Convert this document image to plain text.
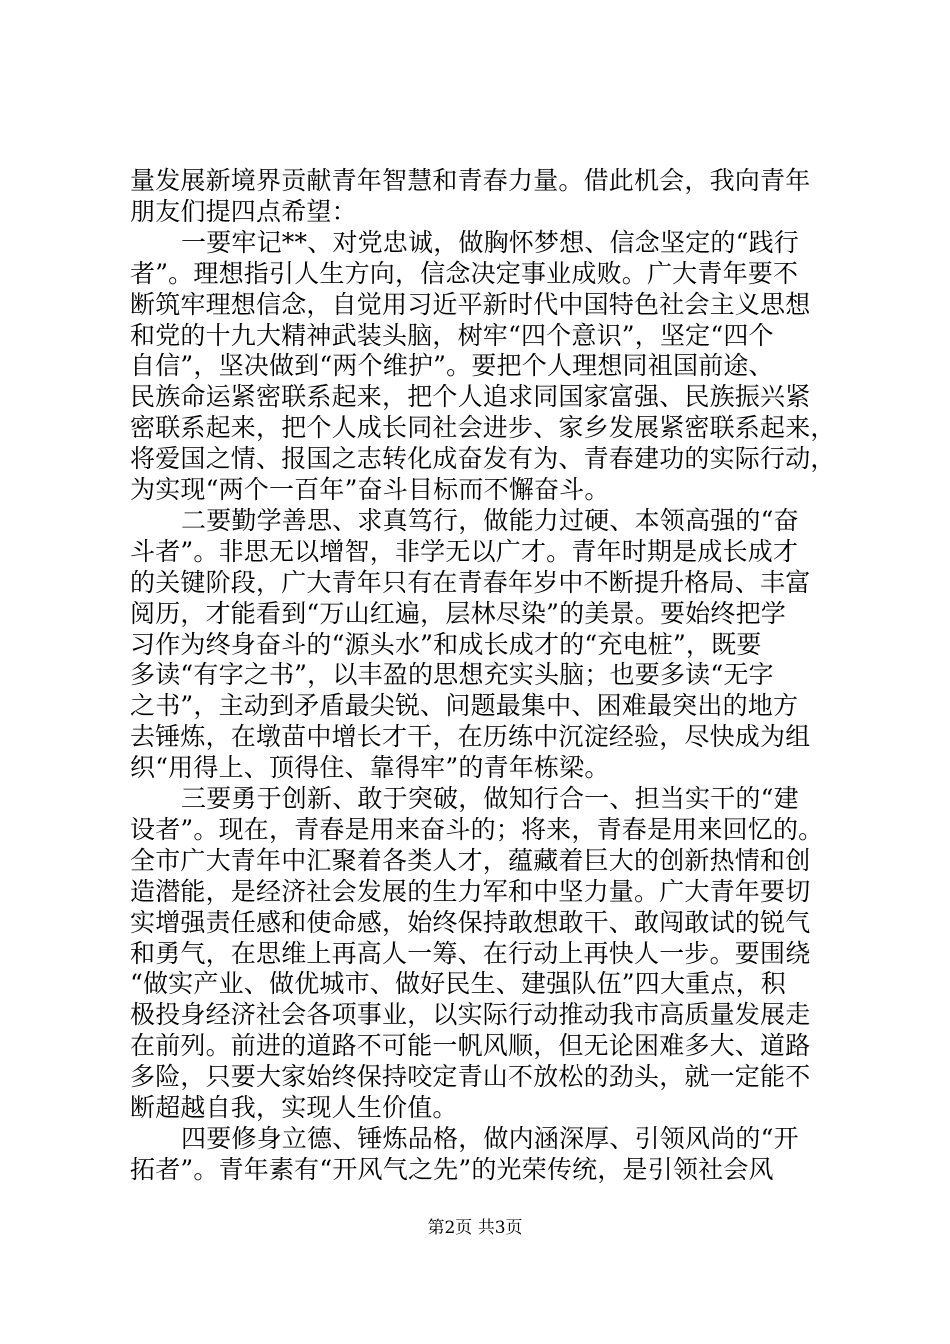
量发展新境界贡献青年智慧和青春力量。借此机会，我向青年
朋友们提四点希望：
一要牢记**、对党忠诚，做胸怀梦想、信念坚定的“践行
者”。理想指引人生方向，信念决定事业成败。广大青年要不
断筑牢理想信念，自觉用习近平新时代中国特色社会主义思想
和党的十九大精神武装头脑，树牢“四个意识”，坚定“四个
自信”，坚决做到“两个维护”。要把个人理想同祖国前途、
民族命运紧密联系起来，把个人追求同国家富强、民族振兴紧
密联系起来，把个人成长同社会进步、家乡发展紧密联系起来，
将爱国之情、报国之志转化成奋发有为、青春建功的实际行动，
为实现“两个一百年”奋斗目标而不懈奋斗。
二要勤学善思、求真笃行，做能力过硬、本领高强的“奋
斗者”。非思无以增智，非学无以广才。青年时期是成长成才
的关键阶段，广大青年只有在青春年岁中不断提升格局、丰富
阅历，才能看到“万山红遍，层林尽染”的美景。要始终把学
习作为终身奋斗的“源头水”和成长成才的“充电桩”，既要
多读“有字之书”，以丰盈的思想充实头脑；也要多读“无字
之书”，主动到矛盾最尖锐、问题最集中、困难最突出的地方
去锤炼，在墩苗中增长才干，在历练中沉淀经验，尽快成为组
织“用得上、顶得住、靠得牢”的青年栋梁。
三要勇于创新、敢于突破，做知行合一、担当实干的“建
设者”。现在，青春是用来奋斗的；将来，青春是用来回忆的。
全市广大青年中汇聚着各类人才，蕴藏着巨大的创新热情和创
造潜能，是经济社会发展的生力军和中坚力量。广大青年要切
实增强责任感和使命感，始终保持敢想敢干、敢闯敢试的锐气
和勇气，在思维上再高人一筹、在行动上再快人一步。要围绕
“做实产业、做优城市、做好民生、建强队伍”四大重点，积
极投身经济社会各项事业，以实际行动推动我市高质量发展走
在前列。前进的道路不可能一帆风顺，但无论困难多大、道路
多险，只要大家始终保持咬定青山不放松的劲头，就一定能不
断超越自我，实现人生价值。
四要修身立德、锤炼品格，做内涵深厚、引领风尚的“开
拓者”。青年素有“开风气之先”的光荣传统，是引领社会风
第2页 共3页
